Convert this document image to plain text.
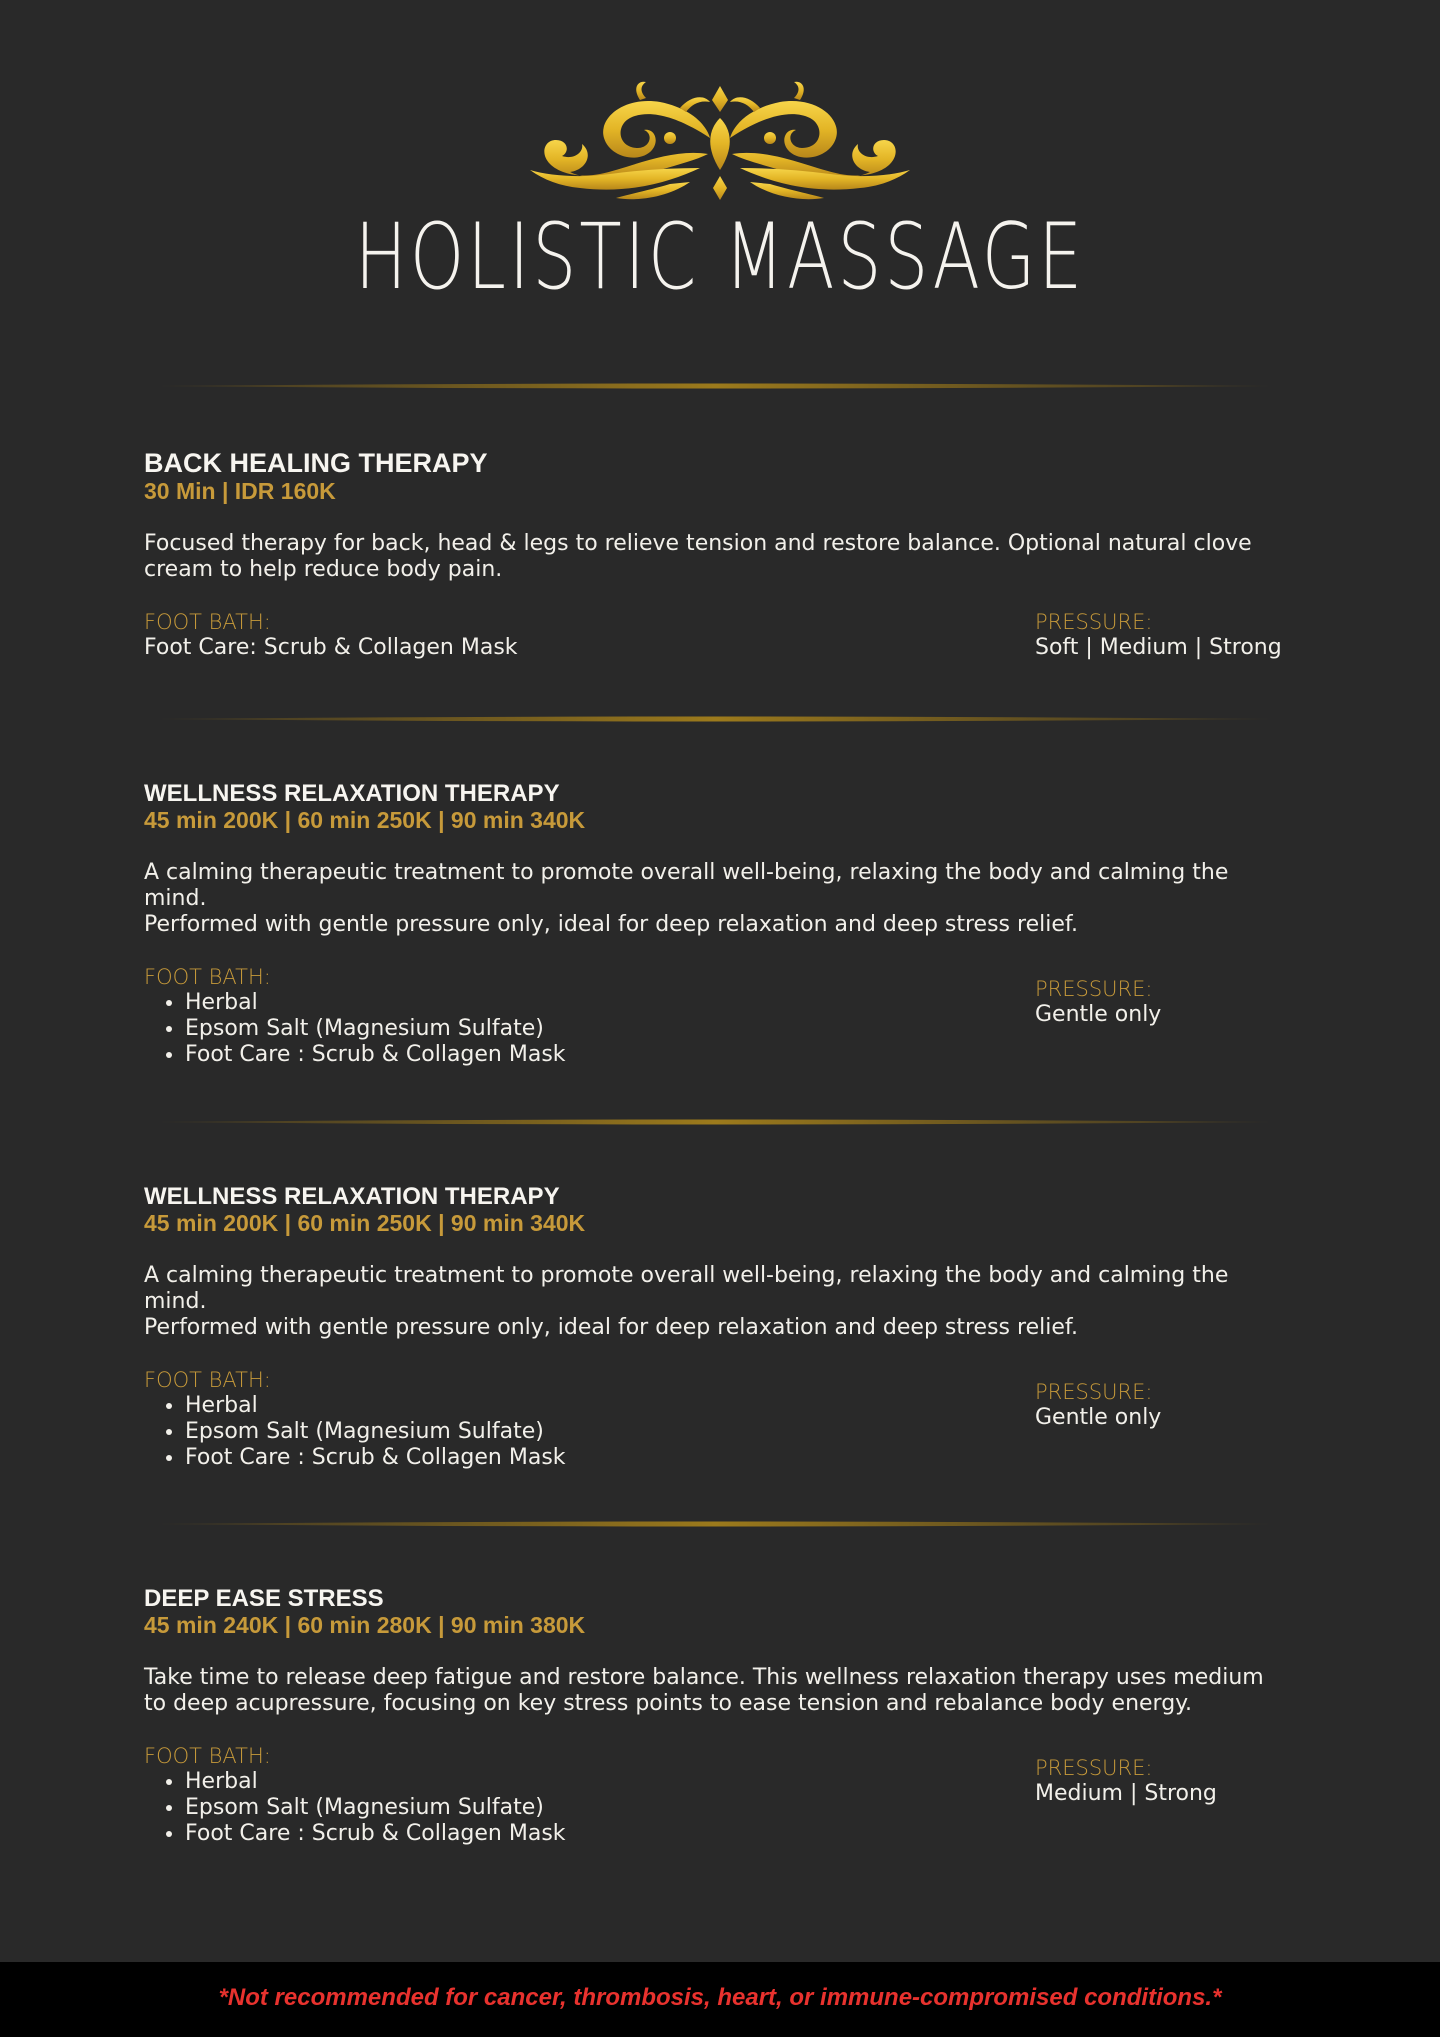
HOLISTIC MASSAGE
BACK HEALING THERAPY
30 Min | IDR 160K

Focused therapy for back, head & legs to relieve tension and restore balance. Optional natural clove cream to help reduce body pain.

FOOT BATH:
Foot Care: Scrub & Collagen Mask
PRESSURE:
Soft | Medium | Strong
WELLNESS RELAXATION THERAPY
45 min 200K | 60 min 250K | 90 min 340K

A calming therapeutic treatment to promote overall well-being, relaxing the body and calming the mind.

Performed with gentle pressure only, ideal for deep relaxation and deep stress relief.

FOOT BATH:
• Herbal
• Epsom Salt (Magnesium Sulfate)
• Foot Care : Scrub & Collagen Mask
PRESSURE:
Gentle only
WELLNESS RELAXATION THERAPY
45 min 200K | 60 min 250K | 90 min 340K

A calming therapeutic treatment to promote overall well-being, relaxing the body and calming the mind.

Performed with gentle pressure only, ideal for deep relaxation and deep stress relief.

FOOT BATH:
• Herbal
• Epsom Salt (Magnesium Sulfate)
• Foot Care : Scrub & Collagen Mask
PRESSURE:
Gentle only
DEEP EASE STRESS
45 min 240K | 60 min 280K | 90 min 380K

Take time to release deep fatigue and restore balance. This wellness relaxation therapy uses medium to deep acupressure, focusing on key stress points to ease tension and rebalance body energy.

FOOT BATH:
• Herbal
• Epsom Salt (Magnesium Sulfate)
• Foot Care : Scrub & Collagen Mask
PRESSURE:
Medium | Strong
*Not recommended for cancer, thrombosis, heart, or immune-compromised conditions.*
